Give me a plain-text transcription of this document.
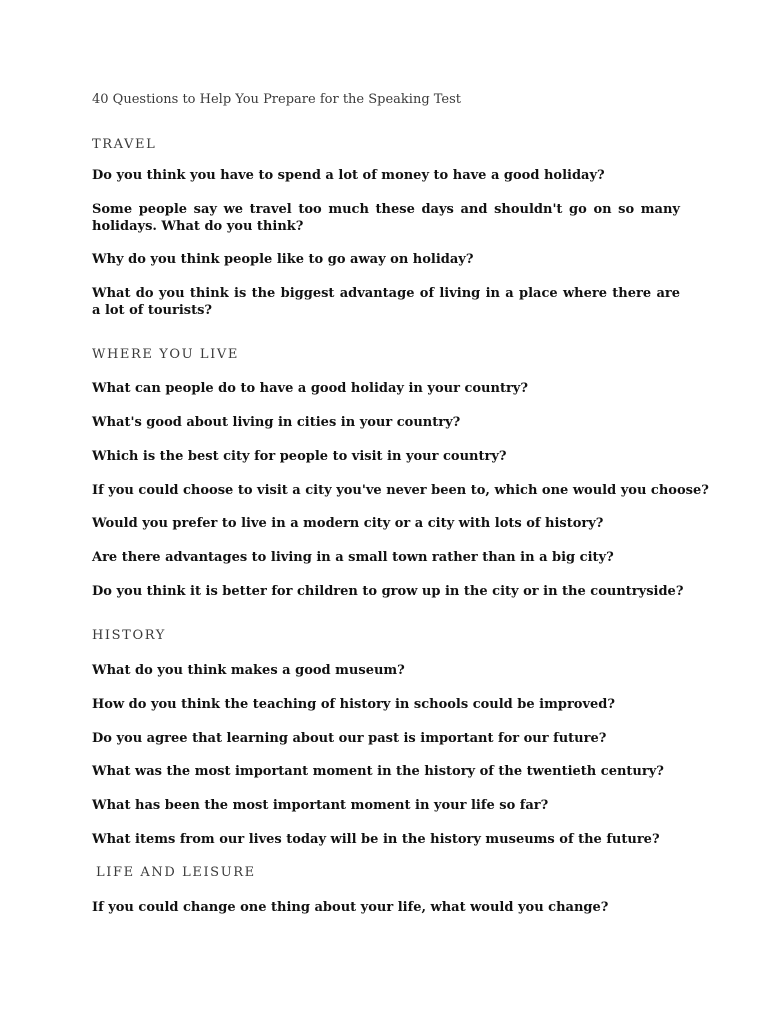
40 Questions to Help You Prepare for the Speaking Test
TRAVEL
Do you think you have to spend a lot of money to have a good holiday?
Some people say we travel too much these days and shouldn't go on so many holidays. What do you think?
Why do you think people like to go away on holiday?
What do you think is the biggest advantage of living in a place where there are a lot of tourists?
WHERE YOU LIVE
What can people do to have a good holiday in your country?
What's good about living in cities in your country?
Which is the best city for people to visit in your country?
If you could choose to visit a city you've never been to, which one would you choose?
Would you prefer to live in a modern city or a city with lots of history?
Are there advantages to living in a small town rather than in a big city?
Do you think it is better for children to grow up in the city or in the countryside?
HISTORY
What do you think makes a good museum?
How do you think the teaching of history in schools could be improved?
Do you agree that learning about our past is important for our future?
What was the most important moment in the history of the twentieth century?
What has been the most important moment in your life so far?
What items from our lives today will be in the history museums of the future?
LIFE AND LEISURE
If you could change one thing about your life, what would you change?
